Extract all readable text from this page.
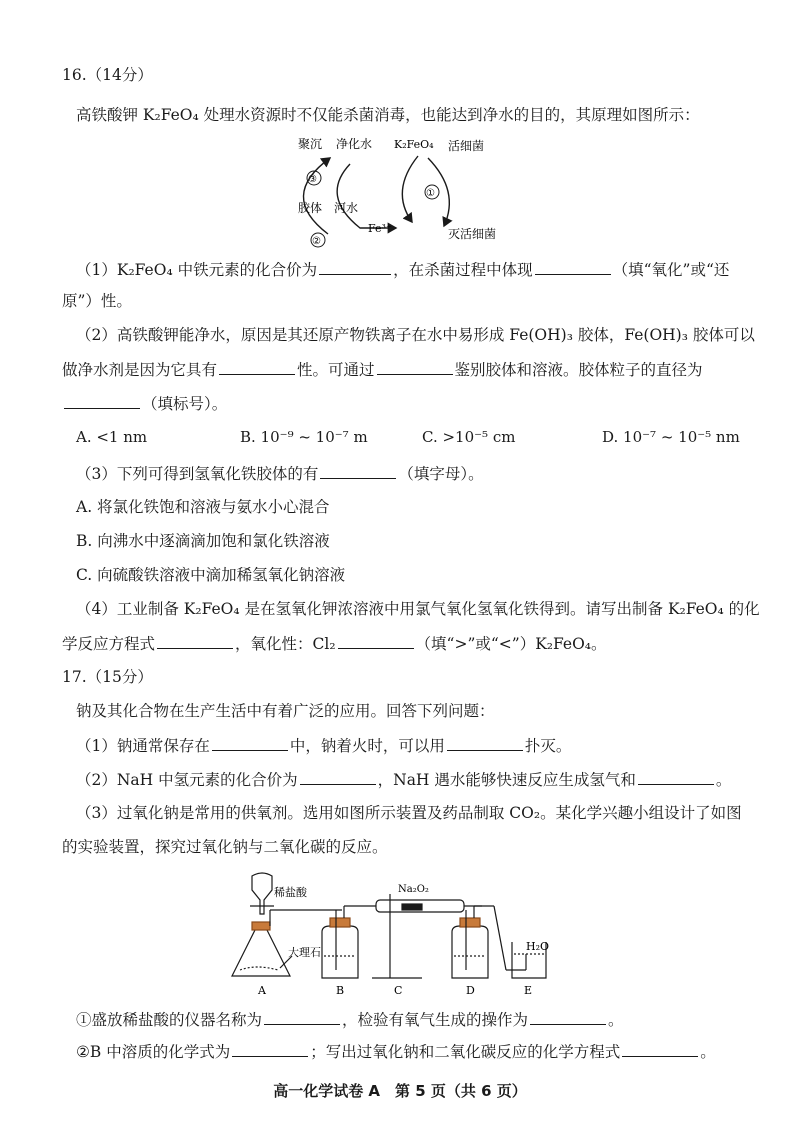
16.（14分）
高铁酸钾 K₂FeO₄ 处理水资源时不仅能杀菌消毒，也能达到净水的目的，其原理如图所示：
③
①
②
聚沉 净化水 K₂FeO₄ 活细菌
胶体 河水
Fe³⁺	灭活细菌
（1）K₂FeO₄ 中铁元素的化合价为	，在杀菌过程中体现	（填“氧化”或“还
原”）性。
（2）高铁酸钾能净水，原因是其还原产物铁离子在水中易形成 Fe(OH)₃ 胶体，Fe(OH)₃ 胶体可以
做净水剂是因为它具有	性。可通过	鉴别胶体和溶液。胶体粒子的直径为
（填标号）。
A. <1 nm	B. 10⁻⁹ ~ 10⁻⁷ m	C. >10⁻⁵ cm	D. 10⁻⁷ ~ 10⁻⁵ nm
（3）下列可得到氢氧化铁胶体的有	（填字母）。
A. 将氯化铁饱和溶液与氨水小心混合
B. 向沸水中逐滴滴加饱和氯化铁溶液
C. 向硫酸铁溶液中滴加稀氢氧化钠溶液
（4）工业制备 K₂FeO₄ 是在氢氧化钾浓溶液中用氯气氧化氢氧化铁得到。请写出制备 K₂FeO₄ 的化
学反应方程式	，氧化性：Cl₂	（填“>”或“<”）K₂FeO₄。
17.（15分）
钠及其化合物在生产生活中有着广泛的应用。回答下列问题：
（1）钠通常保存在	中，钠着火时，可以用	扑灭。
（2）NaH 中氢元素的化合价为	，NaH 遇水能够快速反应生成氢气和	。
（3）过氧化钠是常用的供氧剂。选用如图所示装置及药品制取 CO₂。某化学兴趣小组设计了如图
的实验装置，探究过氧化钠与二氧化碳的反应。
稀盐酸
大理石
Na₂O₂
H₂O
A	B	C	D	E
①盛放稀盐酸的仪器名称为	，检验有氧气生成的操作为	。
②B 中溶质的化学式为	；写出过氧化钠和二氧化碳反应的化学方程式	。
高一化学试卷 A　第 5 页（共 6 页）
